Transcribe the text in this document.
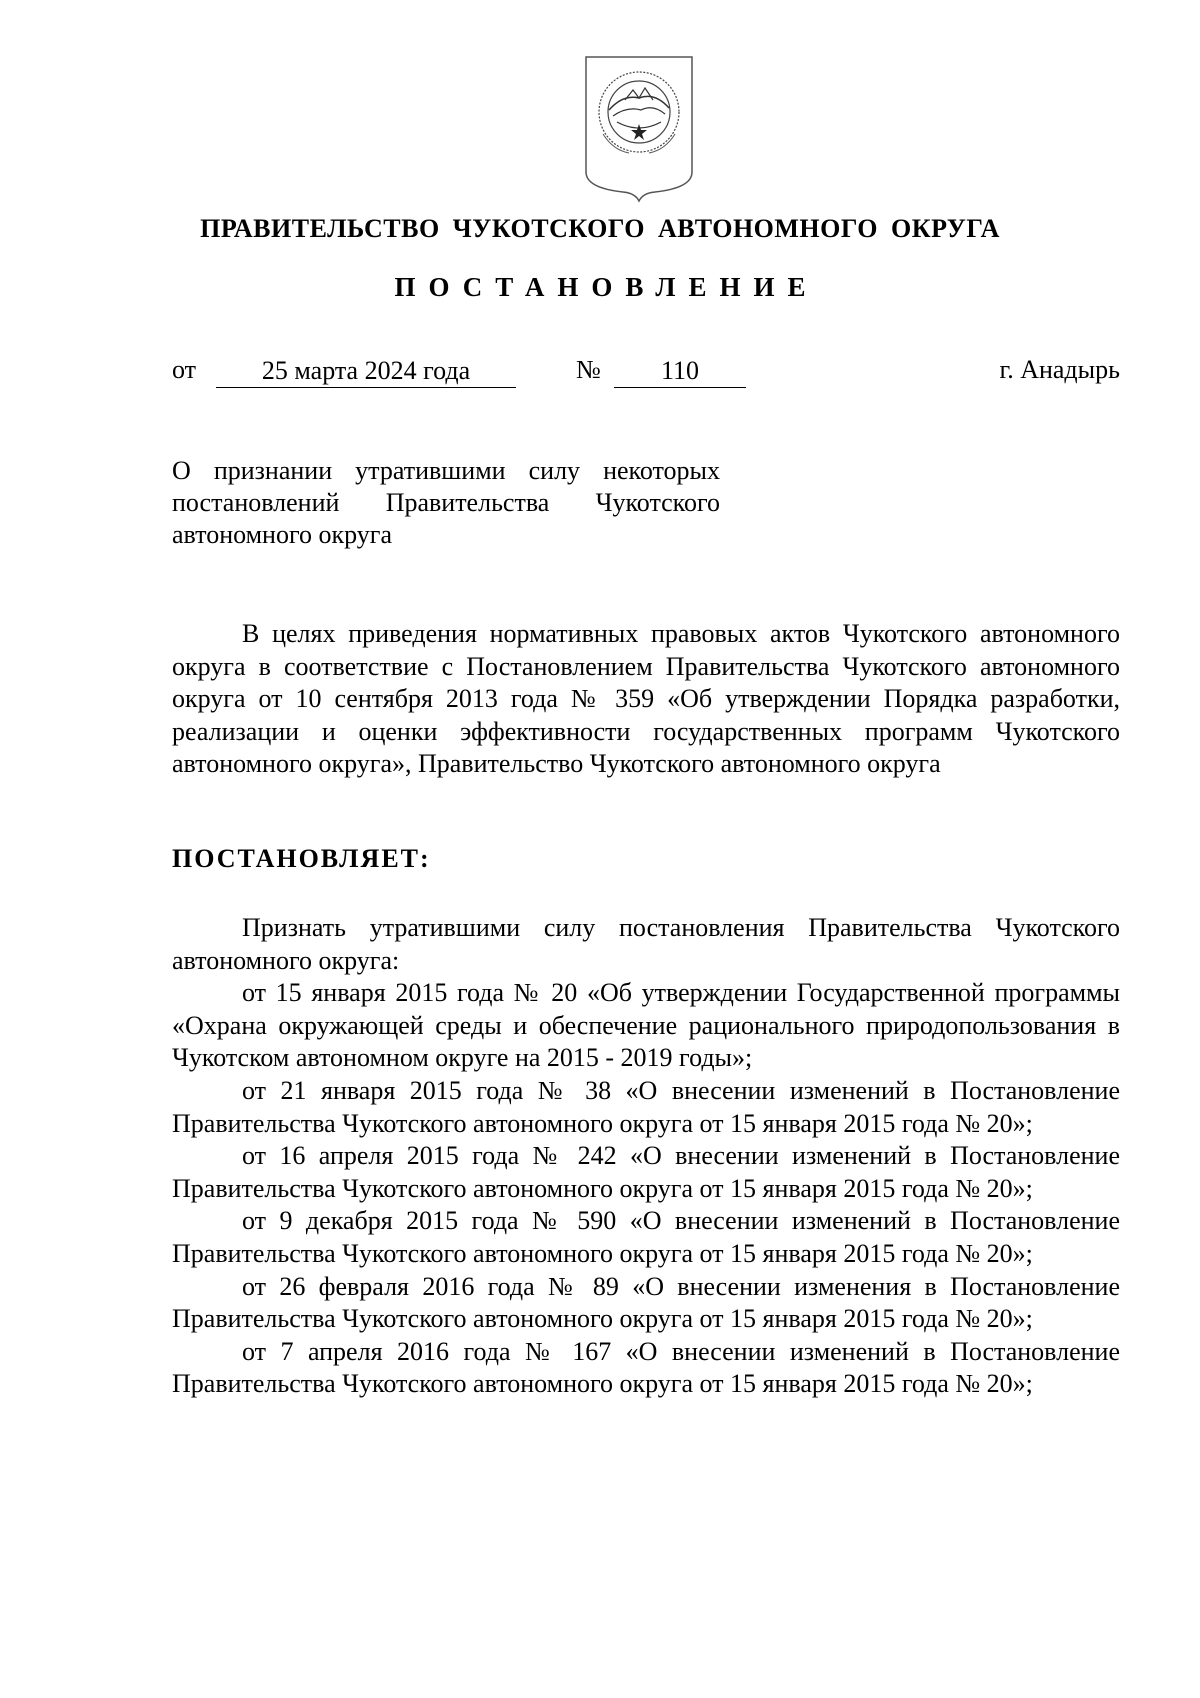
ПРАВИТЕЛЬСТВО ЧУКОТСКОГО АВТОНОМНОГО ОКРУГА
ПОСТАНОВЛЕНИЕ
от	25 марта 2024 года	№	110	г. Анадырь
О признании утратившими силу некоторых постановлений Правительства Чукотского автономного округа
В целях приведения нормативных правовых актов Чукотского автономного округа в соответствие с Постановлением Правительства Чукотского автономного округа от 10 сентября 2013 года № 359 «Об утверждении Порядка разработки, реализации и оценки эффективности государственных программ Чукотского автономного округа», Правительство Чукотского автономного округа
ПОСТАНОВЛЯЕТ:

Признать утратившими силу постановления Правительства Чукотского автономного округа:

от 15 января 2015 года № 20 «Об утверждении Государственной программы «Охрана окружающей среды и обеспечение рационального природопользования в Чукотском автономном округе на 2015 - 2019 годы»;

от 21 января 2015 года № 38 «О внесении изменений в Постановление Правительства Чукотского автономного округа от 15 января 2015 года № 20»;

от 16 апреля 2015 года № 242 «О внесении изменений в Постановление Правительства Чукотского автономного округа от 15 января 2015 года № 20»;

от 9 декабря 2015 года № 590 «О внесении изменений в Постановление Правительства Чукотского автономного округа от 15 января 2015 года № 20»;

от 26 февраля 2016 года № 89 «О внесении изменения в Постановление Правительства Чукотского автономного округа от 15 января 2015 года № 20»;

от 7 апреля 2016 года № 167 «О внесении изменений в Постановление Правительства Чукотского автономного округа от 15 января 2015 года № 20»;
